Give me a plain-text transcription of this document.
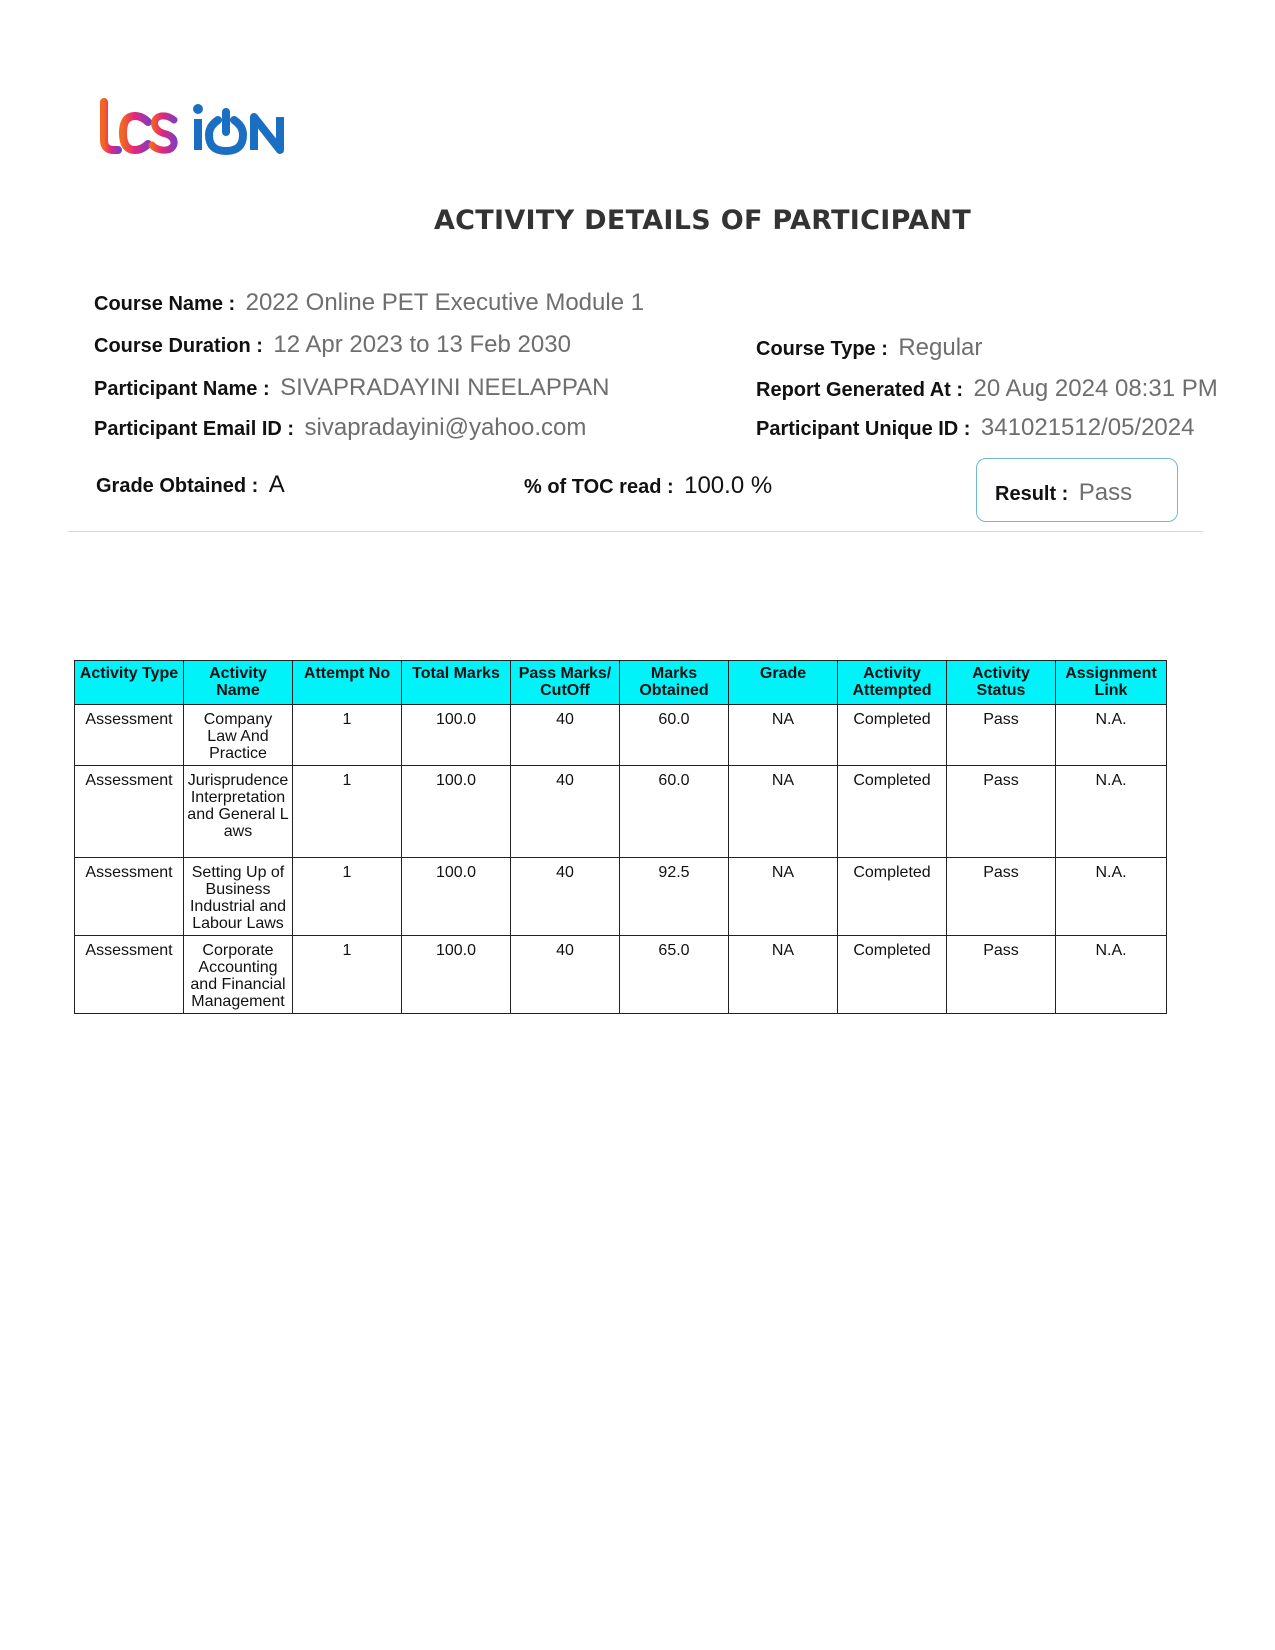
ACTIVITY DETAILS OF PARTICIPANT
Course Name : 2022 Online PET Executive Module 1
Course Duration : 12 Apr 2023 to 13 Feb 2030	Course Type : Regular
Participant Name : SIVAPRADAYINI NEELAPPAN	Report Generated At : 20 Aug 2024 08:31 PM
Participant Email ID : sivapradayini@yahoo.com	Participant Unique ID : 341021512/05/2024
Grade Obtained : A	% of TOC read : 100.0 %	Result : Pass
Activity Type	Activity Name	Attempt No	Total Marks	Pass Marks/ CutOff	Marks Obtained	Grade	Activity Attempted	Activity Status	Assignment Link
Assessment	Company Law And Practice	1	100.0	40	60.0	NA	Completed	Pass	N.A.
Assessment	Jurisprudence Interpretation and General Laws	1	100.0	40	60.0	NA	Completed	Pass	N.A.
Assessment	Setting Up of Business Industrial and Labour Laws	1	100.0	40	92.5	NA	Completed	Pass	N.A.
Assessment	Corporate Accounting and Financial Management	1	100.0	40	65.0	NA	Completed	Pass	N.A.
